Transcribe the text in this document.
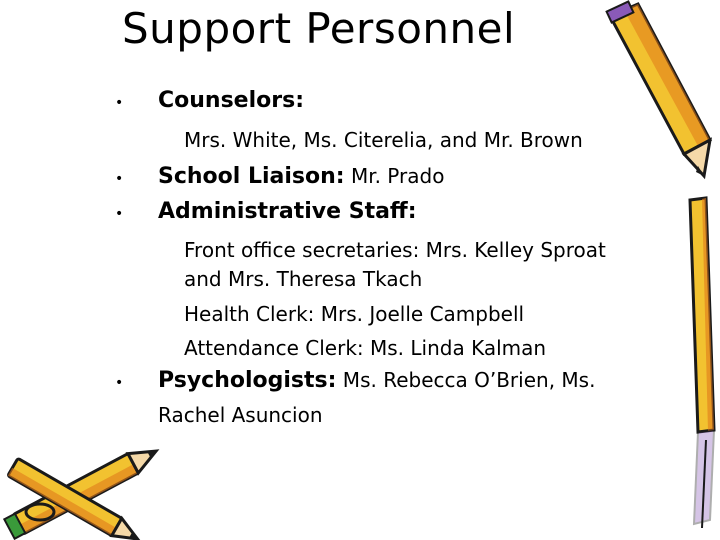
Support Personnel
• Counselors:
Mrs. White, Ms. Citerelia, and Mr. Brown
• School Liaison: Mr. Prado
• Administrative Staff:
Front office secretaries: Mrs. Kelley Sproat
and Mrs. Theresa Tkach
Health Clerk: Mrs. Joelle Campbell
Attendance Clerk: Ms. Linda Kalman
• Psychologists: Ms. Rebecca O’Brien, Ms.
Rachel Asuncion
